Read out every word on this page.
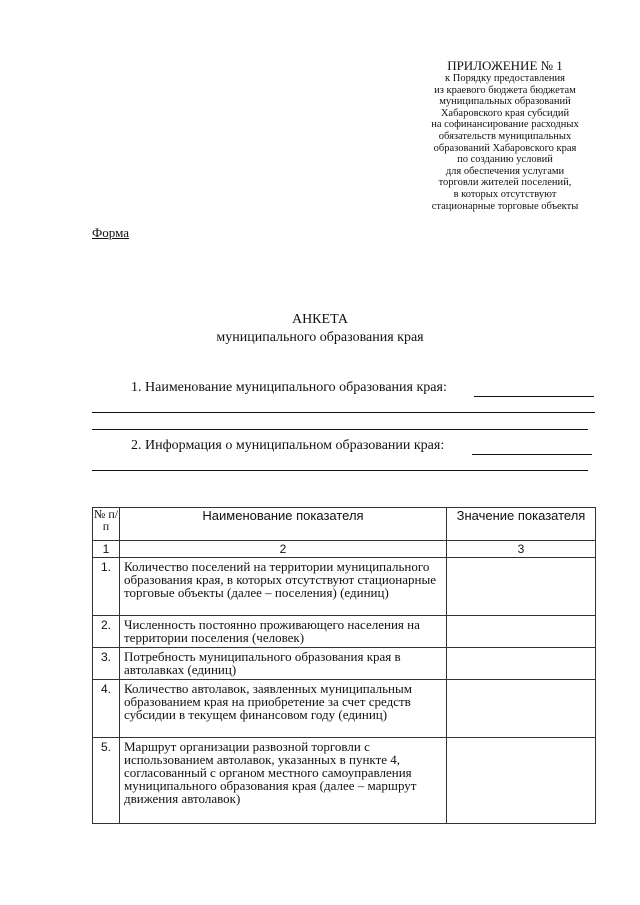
ПРИЛОЖЕНИЕ № 1
к Порядку предоставления
из краевого бюджета бюджетам
муниципальных образований
Хабаровского края субсидий
на софинансирование расходных
обязательств муниципальных
образований Хабаровского края
по созданию условий
для обеспечения услугами
торговли жителей поселений,
в которых отсутствуют
стационарные торговые объекты
Форма
АНКЕТА
муниципального образования края
1. Наименование муниципального образования края:
2. Информация о муниципальном образовании края:
№ п/п	Наименование показателя	Значение показателя
1	2	3
1.	Количество поселений на территории муниципального образования края, в которых отсутствуют стационарные торговые объекты (далее – поселения) (единиц)	
2.	Численность постоянно проживающего населения на территории поселения (человек)	
3.	Потребность муниципального образования края в автолавках (единиц)	
4.	Количество автолавок, заявленных муниципальным образованием края на приобретение за счет средств субсидии в текущем финансовом году (единиц)	
5.	Маршрут организации развозной торговли с использованием автолавок, указанных в пункте 4, согласованный с органом местного самоуправления муниципального образования края (далее – маршрут движения автолавок)	
